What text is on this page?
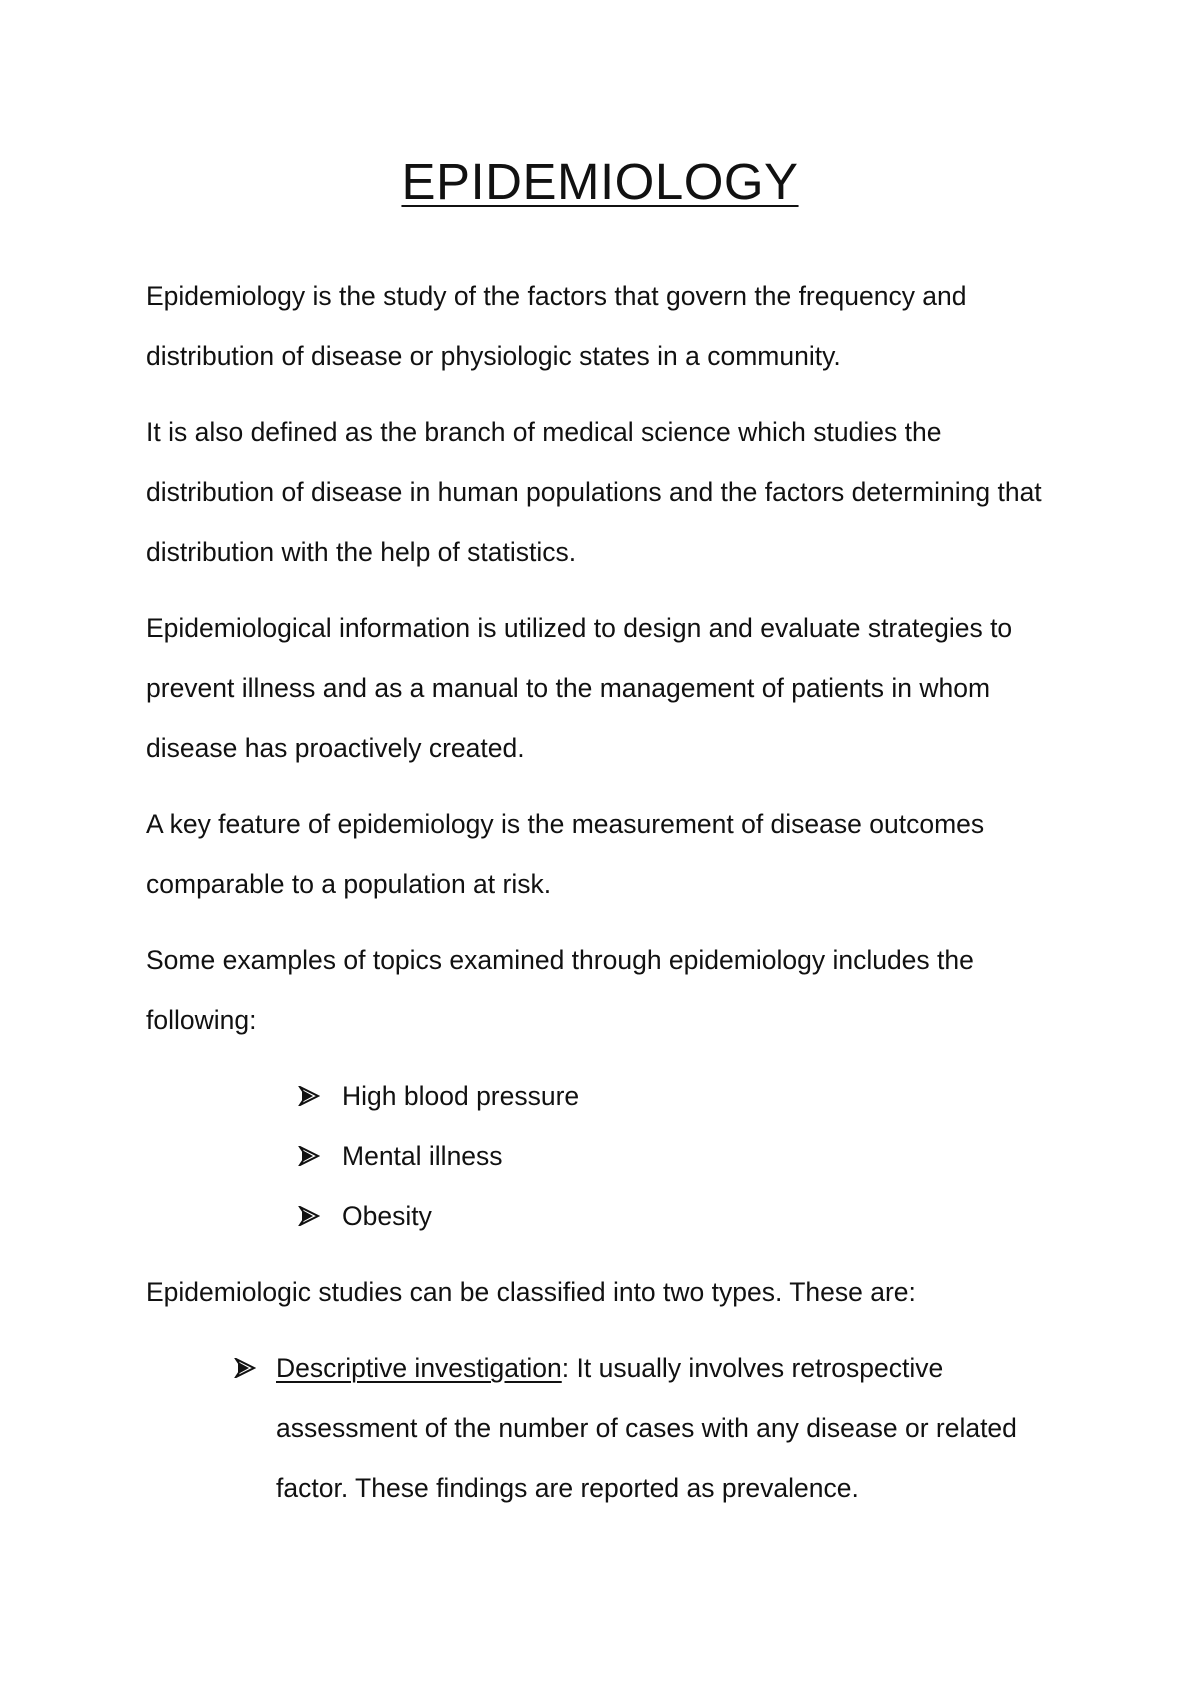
EPIDEMIOLOGY

Epidemiology is the study of the factors that govern the frequency and distribution of disease or physiologic states in a community.

It is also defined as the branch of medical science which studies the distribution of disease in human populations and the factors determining that distribution with the help of statistics.

Epidemiological information is utilized to design and evaluate strategies to prevent illness and as a manual to the management of patients in whom disease has proactively created.

A key feature of epidemiology is the measurement of disease outcomes comparable to a population at risk.

Some examples of topics examined through epidemiology includes the following:

High blood pressure
Mental illness
Obesity

Epidemiologic studies can be classified into two types. These are:

Descriptive investigation: It usually involves retrospective assessment of the number of cases with any disease or related factor. These findings are reported as prevalence.
